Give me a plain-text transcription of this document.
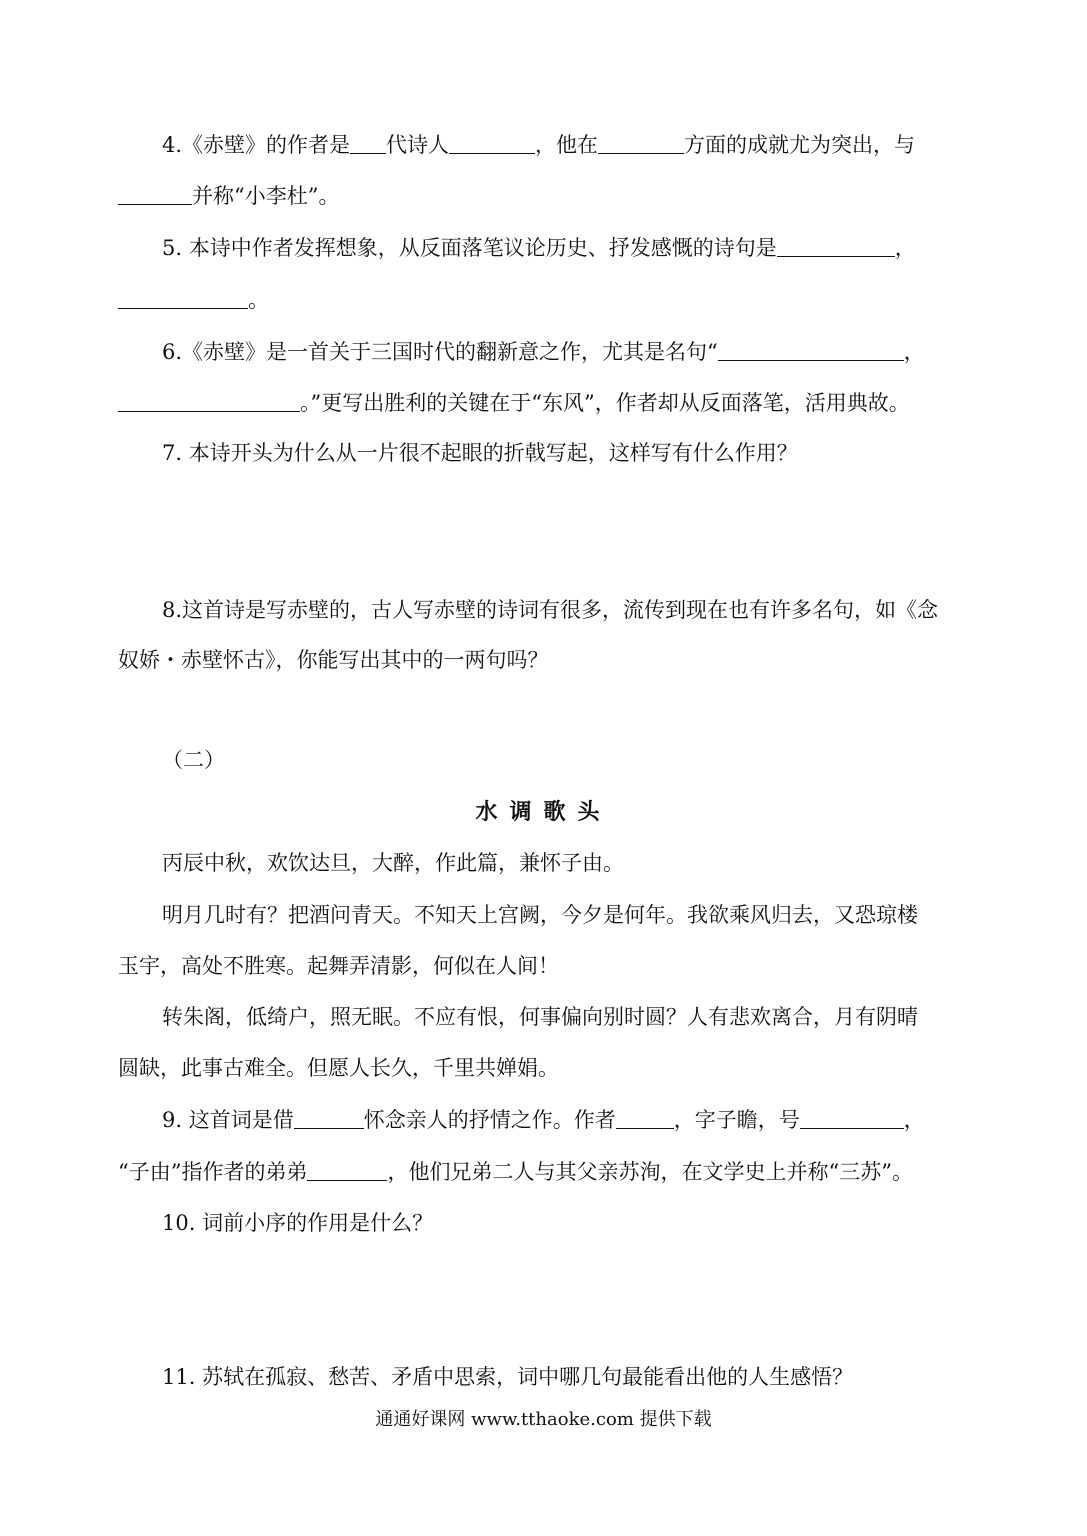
4.《赤壁》的作者是 代诗人	，他在	方面的成就尤为突出，与
并称“小李杜”。
5. 本诗中作者发挥想象，从反面落笔议论历史、抒发感慨的诗句是	，
。
6.《赤壁》是一首关于三国时代的翻新意之作，尤其是名句“	，
。”更写出胜利的关键在于“东风”，作者却从反面落笔，活用典故。
7. 本诗开头为什么从一片很不起眼的折戟写起，这样写有什么作用？
8.这首诗是写赤壁的，古人写赤壁的诗词有很多，流传到现在也有许多名句，如《念
奴娇・赤壁怀古》，你能写出其中的一两句吗？
（二）
水调歌头
丙辰中秋，欢饮达旦，大醉，作此篇，兼怀子由。
明月几时有？把酒问青天。不知天上宫阙，今夕是何年。我欲乘风归去，又恐琼楼
玉宇，高处不胜寒。起舞弄清影，何似在人间！
转朱阁，低绮户，照无眠。不应有恨，何事偏向别时圆？人有悲欢离合，月有阴晴
圆缺，此事古难全。但愿人长久，千里共婵娟。
9. 这首词是借	怀念亲人的抒情之作。作者	，字子瞻，号	，
“子由”指作者的弟弟	，他们兄弟二人与其父亲苏洵，在文学史上并称“三苏”。
10. 词前小序的作用是什么？
11. 苏轼在孤寂、愁苦、矛盾中思索，词中哪几句最能看出他的人生感悟？
通通好课网 www.tthaoke.com 提供下载
